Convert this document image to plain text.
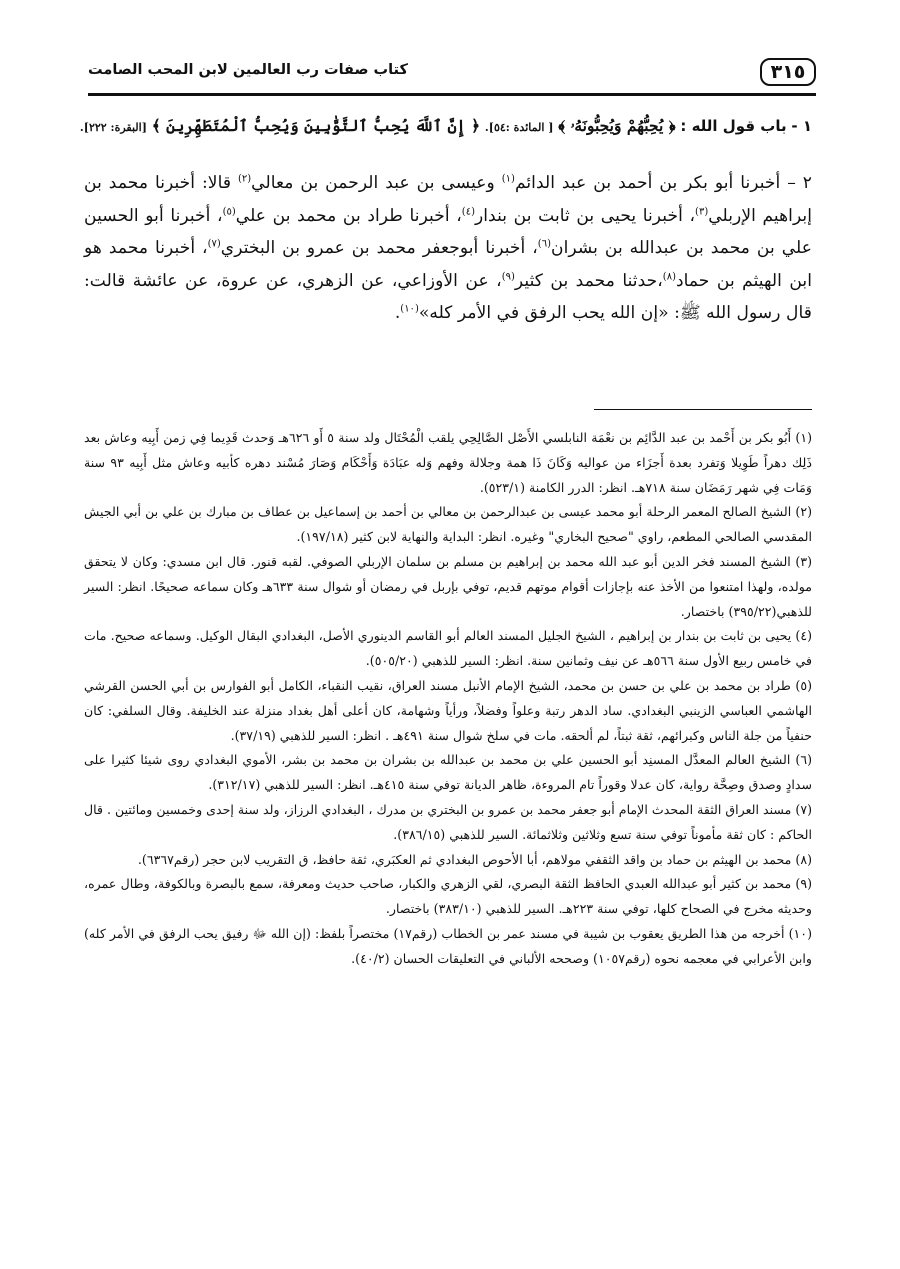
٣١٥
كتاب صفات رب العالمين لابن المحب الصامت
١ - باب قول الله : ﴿ يُحِبُّهُمْ وَيُحِبُّونَهُۥ ﴾ [ المائدة :٥٤]. ﴿ إِنَّ ٱللَّهَ يُحِبُّ ٱلتَّوَّٰبِينَ وَيُحِبُّ ٱلْمُتَطَهِّرِينَ ﴾ [البقرة: ٢٢٢].

٢ – أخبرنا أبو بكر بن أحمد بن عبد الدائم$^{(١)}$ وعيسى بن عبد الرحمن بن معالي$^{(٢)}$ قالا: أخبرنا محمد بن إبراهيم الإربلي$^{(٣)}$، أخبرنا يحيى بن ثابت بن بندار$^{(٤)}$، أخبرنا طراد بن محمد بن علي$^{(٥)}$، أخبرنا أبو الحسين علي بن محمد بن عبدالله بن بشران$^{(٦)}$، أخبرنا أبوجعفر محمد بن عمرو بن البختري$^{(٧)}$، أخبرنا محمد هو ابن الهيثم بن حماد$^{(٨)}$،حدثنا محمد بن كثير$^{(٩)}$، عن الأوزاعي، عن الزهري، عن عروة، عن عائشة قالت: قال رسول الله ﷺ: «إن الله يحب الرفق في الأمر كله»$^{(١٠)}$.

(١) أَبُو بكر بن أَحْمد بن عبد الدَّائِم بن نعْمَة النابلسي الأَصْل الصَّالِحِي يلقب الْمُحْتَال ولد سنة ٥ أَو ٦٢٦هـ وَحدث قَدِيما فِي زمن أَبِيه وعاش بعد ذَلِك دهراً طَوِيلا وَتفرد بعدة أَجزَاء من عواليه وَكَانَ ذَا همة وجلالة وفهم وَله عبَادَة وَأَحْكَام وَصَارَ مُسْند دهره كأبيه وعاش مثل أَبِيه ٩٣ سنة وَمَات فِي شهر رَمَضَان سنة ٧١٨هـ. انظر: الدرر الكامنة (٥٢٣/١).

(٢) الشيخ الصالح المعمر الرحلة أبو محمد عيسى بن عبدالرحمن بن معالي بن أحمد بن إسماعيل بن عطاف بن مبارك بن علي بن أبي الجيش المقدسي الصالحي المطعم، راوي "صحيح البخاري" وغيره. انظر: البداية والنهاية لابن كثير (١٩٧/١٨).

(٣) الشيخ المسند فخر الدين أبو عبد الله محمد بن إبراهيم بن مسلم بن سلمان الإربلي الصوفي. لقبه قنور. قال ابن مسدي: وكان لا يتحقق مولده، ولهذا امتنعوا من الأخذ عنه بإجازات أقوام موتهم قديم، توفي بإربل في رمضان أو شوال سنة ٦٣٣هـ وكان سماعه صحيحًا. انظر: السير للذهبي(٣٩٥/٢٢) باختصار.

(٤) يحيى بن ثابت بن بندار بن إبراهيم ، الشيخ الجليل المسند العالم أبو القاسم الدينوري الأصل، البغدادي البقال الوكيل. وسماعه صحيح. مات في خامس ربيع الأول سنة ٥٦٦هـ عن نيف وثمانين سنة. انظر: السير للذهبي (٥٠٥/٢٠).

(٥) طراد بن محمد بن علي بن حسن بن محمد، الشيخ الإمام الأنبل مسند العراق، نقيب النقباء، الكامل أبو الفوارس بن أبي الحسن القرشي الهاشمي العباسي الزينبي البغدادي. ساد الدهر رتبة وعلواً وفضلاً، ورأياً وشهامة، كان أعلى أهل بغداد منزلة عند الخليفة. وقال السلفي: كان حنفياً من جلة الناس وكبرائهم، ثقة ثبتاً، لم ألحقه. مات في سلخ شوال سنة ٤٩١هـ . انظر: السير للذهبي (٣٧/١٩).

(٦) الشيخ العالم المعدَّل المسنِد أبو الحسين علي بن محمد بن عبدالله بن بشران بن محمد بن بشر، الأموي البغدادي روى شيئا كثيرا على سدادٍ وصدق وصِحَّة رواية، كان عدلا وقوراً تام المروءة، ظاهر الديانة توفي سنة ٤١٥هـ. انظر: السير للذهبي (٣١٢/١٧).

(٧) مسند العراق الثقة المحدث الإمام أبو جعفر محمد بن عمرو بن البختري بن مدرك ، البغدادي الرزاز، ولد سنة إحدى وخمسين ومائتين . قال الحاكم : كان ثقة مأموناً توفي سنة تسع وثلاثين وثلاثمائة. السير للذهبي (٣٨٦/١٥).

(٨) محمد بن الهيثم بن حماد بن واقد الثقفي مولاهم، أبا الأحوص البغدادي ثم العكبَري، ثقة حافظ، ق التقريب لابن حجر (رقم٦٣٦٧).

(٩) محمد بن كثير أبو عبدالله العبدي الحافظ الثقة البصري، لقي الزهري والكبار، صاحب حديث ومعرفة، سمع بالبصرة وبالكوفة، وطال عمره، وحديثه مخرج في الصحاح كلها، توفي سنة ٢٢٣هـ. السير للذهبي (٣٨٣/١٠) باختصار.

(١٠) أخرجه من هذا الطريق يعقوب بن شيبة في مسند عمر بن الخطاب (رقم١٧) مختصراً بلفظ: (إن الله ﷻ رفيق يحب الرفق في الأمر كله) وابن الأعرابي في معجمه نحوه (رقم١٠٥٧) وصححه الألباني في التعليقات الحسان (٤٠/٢).
